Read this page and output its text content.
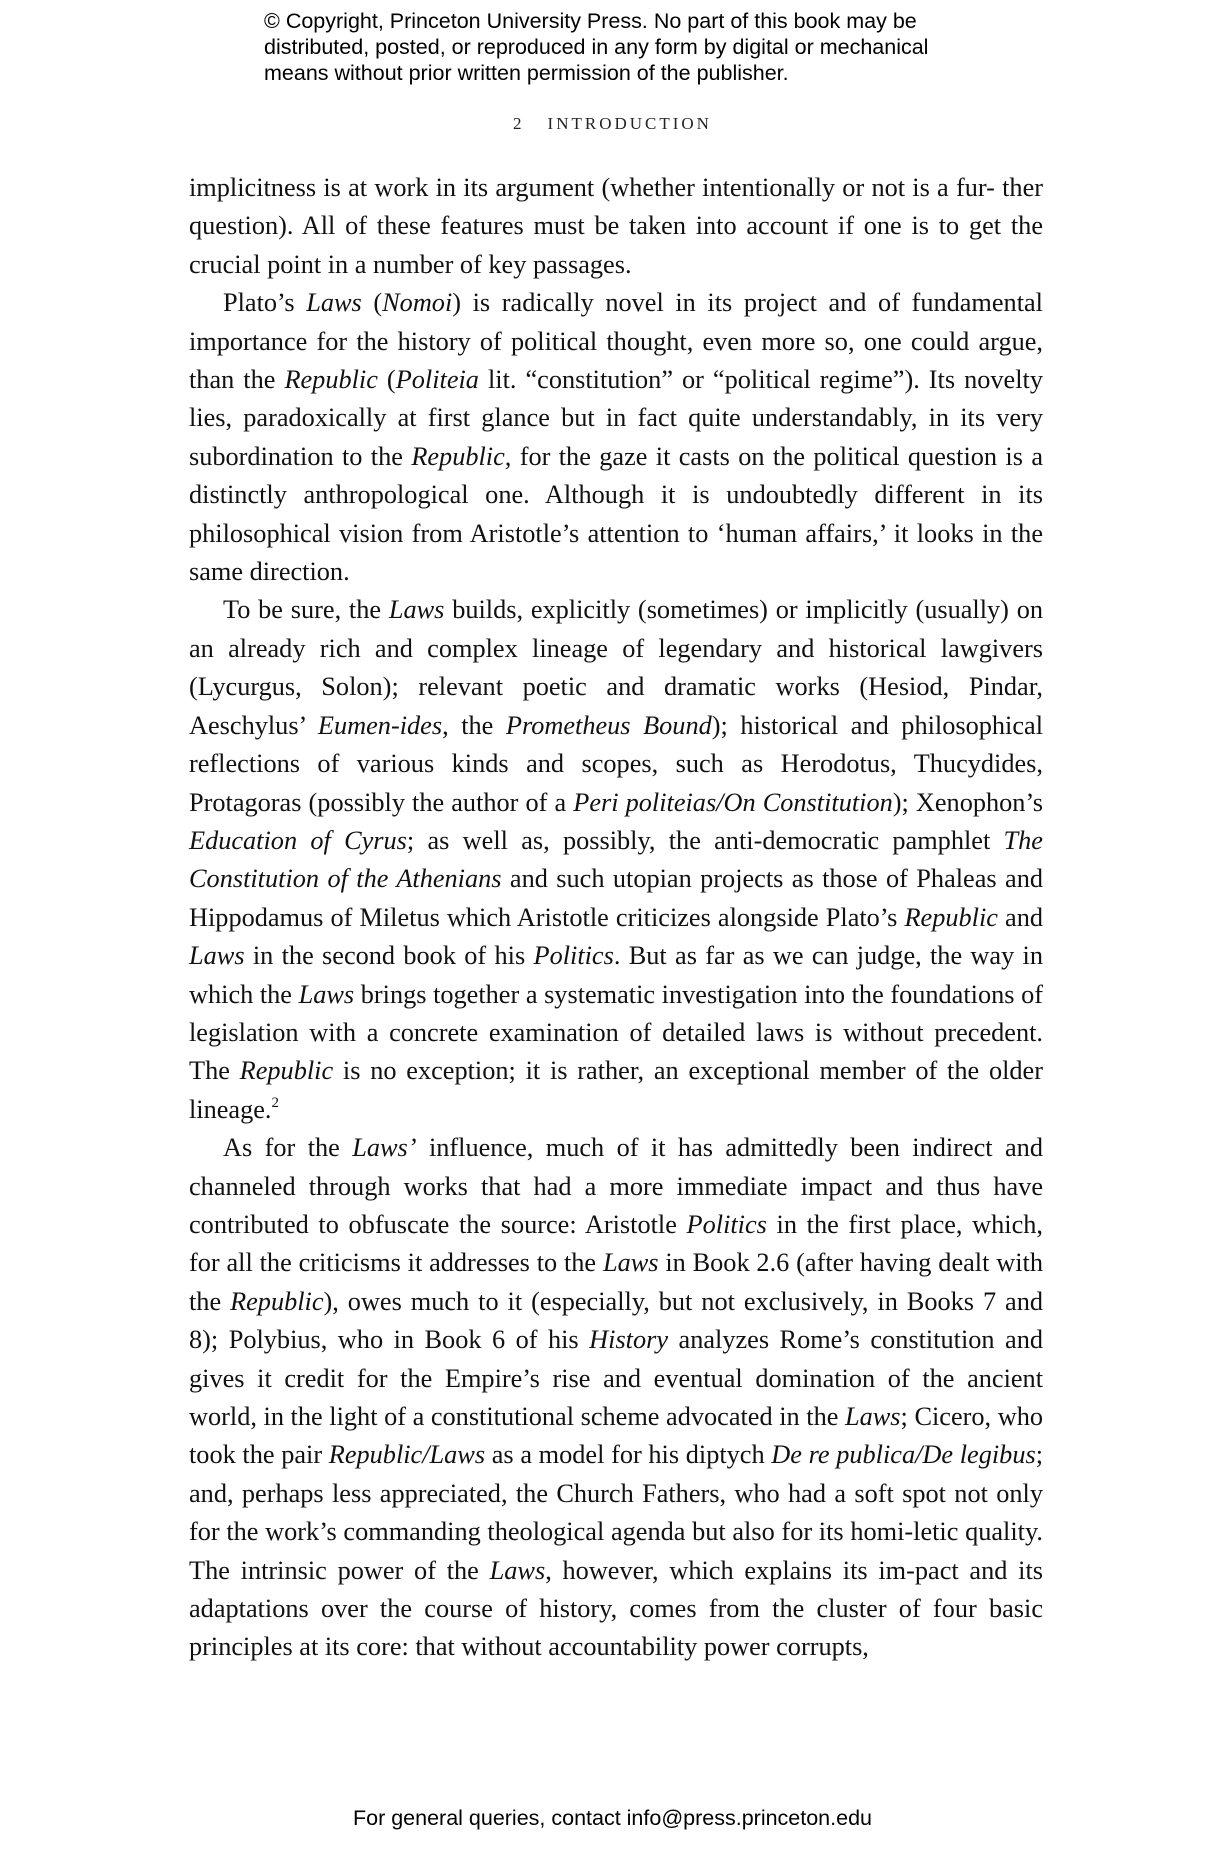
© Copyright, Princeton University Press. No part of this book may be
distributed, posted, or reproduced in any form by digital or mechanical
means without prior written permission of the publisher.
2 INTRODUCTION

implicitness is at work in its argument (whether intentionally or not is a fur- ther question). All of these features must be taken into account if one is to get the crucial point in a number of key passages.

Plato’s Laws (Nomoi) is radically novel in its project and of fundamental importance for the history of political thought, even more so, one could argue, than the Republic (Politeia lit. “constitution” or “political regime”). Its novelty lies, paradoxically at first glance but in fact quite understandably, in its very subordination to the Republic, for the gaze it casts on the political question is a distinctly anthropological one. Although it is undoubtedly different in its philosophical vision from Aristotle’s attention to ‘human affairs,’ it looks in the same direction.

To be sure, the Laws builds, explicitly (sometimes) or implicitly (usually) on an already rich and complex lineage of legendary and historical lawgivers (Lycurgus, Solon); relevant poetic and dramatic works (Hesiod, Pindar, Aeschylus’ Eumen-ides, the Prometheus Bound); historical and philosophical reflections of various kinds and scopes, such as Herodotus, Thucydides, Protagoras (possibly the author of a Peri politeias/On Constitution); Xenophon’s Education of Cyrus; as well as, possibly, the anti-democratic pamphlet The Constitution of the Athenians and such utopian projects as those of Phaleas and Hippodamus of Miletus which Aristotle criticizes alongside Plato’s Republic and Laws in the second book of his Politics. But as far as we can judge, the way in which the Laws brings together a systematic investigation into the foundations of legislation with a concrete examination of detailed laws is without precedent. The Republic is no exception; it is rather, an exceptional member of the older lineage.$^2$

As for the Laws’ influence, much of it has admittedly been indirect and channeled through works that had a more immediate impact and thus have contributed to obfuscate the source: Aristotle Politics in the first place, which, for all the criticisms it addresses to the Laws in Book 2.6 (after having dealt with the Republic), owes much to it (especially, but not exclusively, in Books 7 and 8); Polybius, who in Book 6 of his History analyzes Rome’s constitution and gives it credit for the Empire’s rise and eventual domination of the ancient world, in the light of a constitutional scheme advocated in the Laws; Cicero, who took the pair Republic/Laws as a model for his diptych De re publica/De legibus; and, perhaps less appreciated, the Church Fathers, who had a soft spot not only for the work’s commanding theological agenda but also for its homi-letic quality. The intrinsic power of the Laws, however, which explains its im-pact and its adaptations over the course of history, comes from the cluster of four basic principles at its core: that without accountability power corrupts,

For general queries, contact info@press.princeton.edu
